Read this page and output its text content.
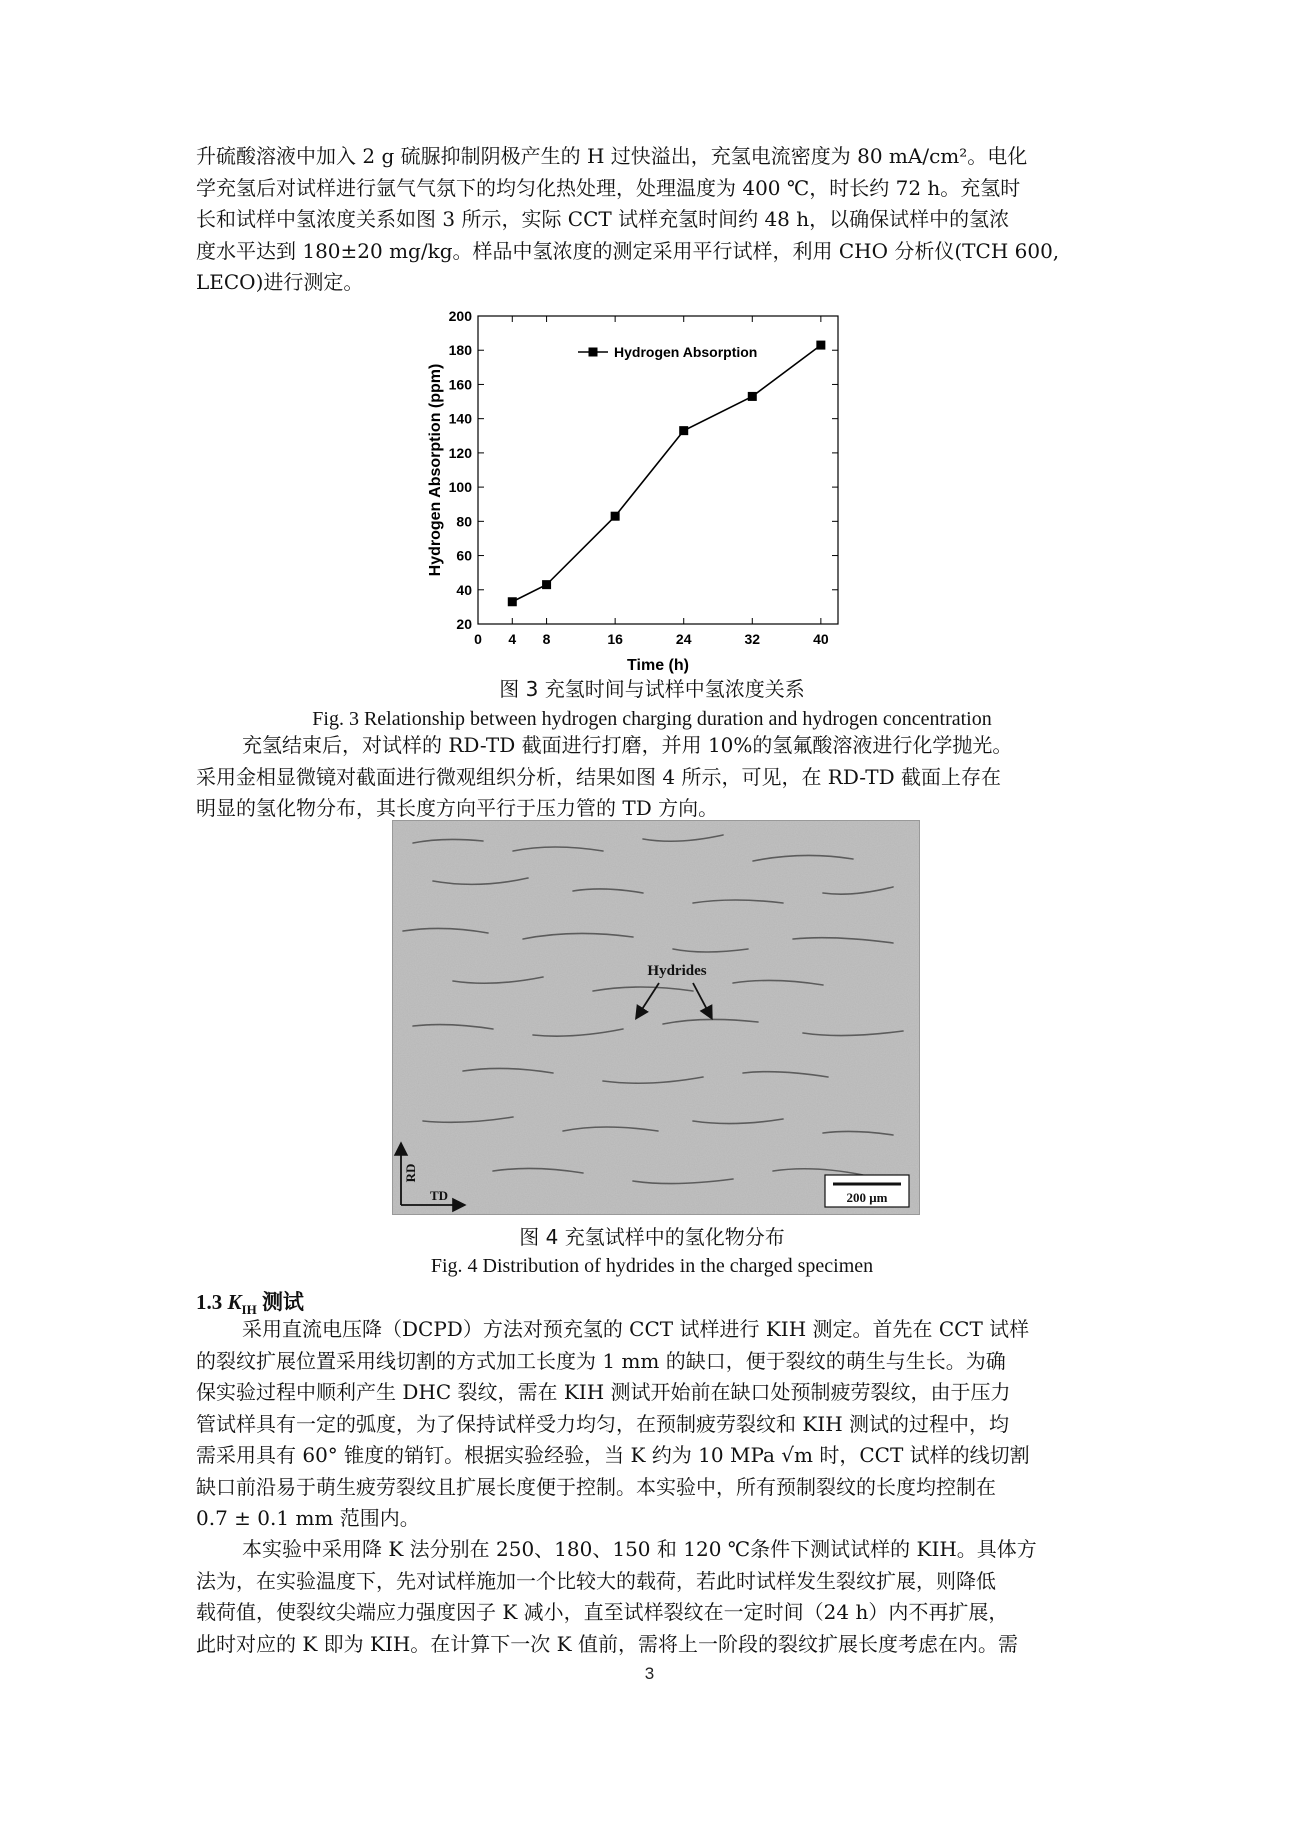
升硫酸溶液中加入 2 g 硫脲抑制阴极产生的 H 过快溢出，充氢电流密度为 80 mA/cm²。电化
学充氢后对试样进行氩气气氛下的均匀化热处理，处理温度为 400 ℃，时长约 72 h。充氢时
长和试样中氢浓度关系如图 3 所示，实际 CCT 试样充氢时间约 48 h，以确保试样中的氢浓
度水平达到 180±20 mg/kg。样品中氢浓度的测定采用平行试样，利用 CHO 分析仪(TCH 600,
LECO)进行测定。

20
40
60
80
100
120
140
160
180
200
0 4 8	16	24	32	40
Time (h)
Hydrogen Absorption (ppm)
Hydrogen Absorption
图 3 充氢时间与试样中氢浓度关系
Fig. 3 Relationship between hydrogen charging duration and hydrogen concentration

充氢结束后，对试样的 RD-TD 截面进行打磨，并用 10%的氢氟酸溶液进行化学抛光。
采用金相显微镜对截面进行微观组织分析，结果如图 4 所示，可见，在 RD-TD 截面上存在
明显的氢化物分布，其长度方向平行于压力管的 TD 方向。

Hydrides
RD
TD	200 μm
图 4 充氢试样中的氢化物分布
Fig. 4 Distribution of hydrides in the charged specimen
1.3 $K_{IH}$ 测试

采用直流电压降（DCPD）方法对预充氢的 CCT 试样进行 KIH 测定。首先在 CCT 试样
的裂纹扩展位置采用线切割的方式加工长度为 1 mm 的缺口，便于裂纹的萌生与生长。为确
保实验过程中顺利产生 DHC 裂纹，需在 KIH 测试开始前在缺口处预制疲劳裂纹，由于压力
管试样具有一定的弧度，为了保持试样受力均匀，在预制疲劳裂纹和 KIH 测试的过程中，均
需采用具有 60° 锥度的销钉。根据实验经验，当 K 约为 10 MPa √m 时，CCT 试样的线切割
缺口前沿易于萌生疲劳裂纹且扩展长度便于控制。本实验中，所有预制裂纹的长度均控制在
0.7 ± 0.1 mm 范围内。

本实验中采用降 K 法分别在 250、180、150 和 120 ℃条件下测试试样的 KIH。具体方
法为，在实验温度下，先对试样施加一个比较大的载荷，若此时试样发生裂纹扩展，则降低
载荷值，使裂纹尖端应力强度因子 K 减小，直至试样裂纹在一定时间（24 h）内不再扩展，
此时对应的 K 即为 KIH。在计算下一次 K 值前，需将上一阶段的裂纹扩展长度考虑在内。需

3
